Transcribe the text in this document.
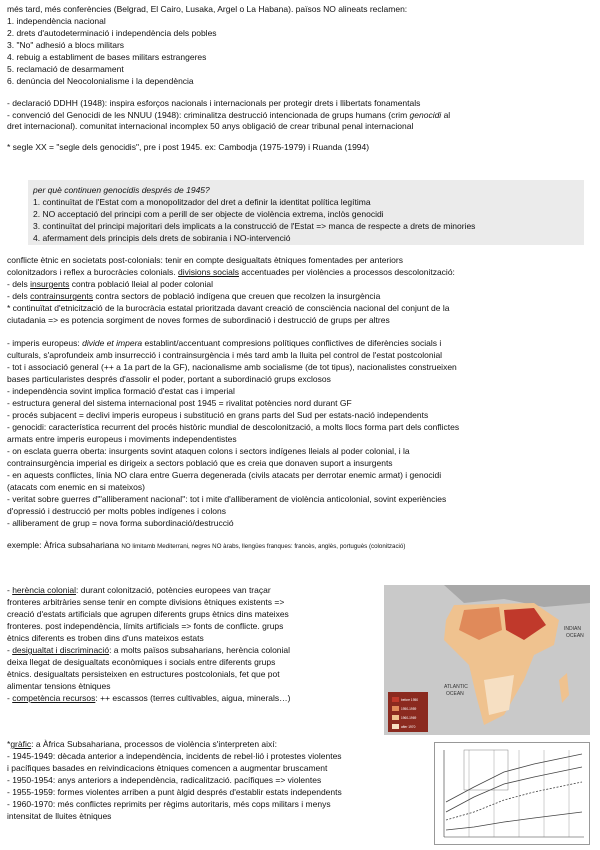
més tard, més conferències (Belgrad, El Cairo, Lusaka, Argel o La Habana). països NO alineats reclamen:
1. independència nacional
2. drets d'autodeterminació i independència dels pobles
3. "No" adhesió a blocs militars
4. rebuig a establiment de bases militars estrangeres
5. reclamació de desarmament
6. denúncia del Neocolonialisme i la dependència
- declaració DDHH (1948): inspira esforços nacionals i internacionals per protegir drets i llibertats fonamentals
- convenció del Genocidi de les NNUU (1948): criminalitza destrucció intencionada de grups humans (crim genocidi al
dret internacional). comunitat internacional incomplex 50 anys obligació de crear tribunal penal internacional
* segle XX = "segle dels genocidis", pre i post 1945. ex: Cambodja (1975-1979) i Ruanda (1994)
per què continuen genocidis després de 1945?
1. continuïtat de l'Estat com a monopolitzador del dret a definir la identitat política legítima
2. NO acceptació del principi com a perill de ser objecte de violència extrema, inclòs genocidi
3. continuïtat del principi majoritari dels implicats a la construcció de l'Estat => manca de respecte a drets de minories
4. afermament dels principis dels drets de sobirania i NO-intervenció
conflicte ètnic en societats post-colonials: tenir en compte desigualtats ètniques fomentades per anteriors
colonitzadors i reflex a burocràcies colonials. divisions socials accentuades per violències a processos descolonització:
- dels insurgents contra població lleial al poder colonial
- dels contrainsurgents contra sectors de població indígena que creuen que recolzen la insurgència
* continuïtat d'etnicització de la burocràcia estatal prioritzada davant creació de consciència nacional del conjunt de la
ciutadania => es potencia sorgiment de noves formes de subordinació i destrucció de grups per altres
- imperis europeus: divide et impera establint/accentuant compresions polítiques conflictives de diferències socials i
culturals, s'aprofundeix amb insurrecció i contrainsurgència i més tard amb la lluita pel control de l'estat postcolonial
- tot i associació general (++ a 1a part de la GF), nacionalisme amb socialisme (de tot tipus), nacionalistes construeixen
bases particularistes després d'assolir el poder, portant a subordinació grups exclosos
- independència sovint implica formació d'estat cas i imperial
- estructura general del sistema internacional post 1945 = rivalitat potències nord durant GF
- procés subjacent = declivi imperis europeus i substitució en grans parts del Sud per estats-nació independents
- genocidi: característica recurrent del procés històric mundial de descolonització, a molts llocs forma part dels conflictes
armats entre imperis europeus i moviments independentistes
- on esclata guerra oberta: insurgents sovint ataquen colons i sectors indígenes lleials al poder colonial, i la
contrainsurgència imperial es dirigeix a sectors població que es creia que donaven suport a insurgents
- en aquests conflictes, línia NO clara entre Guerra degenerada (civils atacats per derrotar enemic armat) i genocidi
(atacats com enemic en si mateixos)
- veritat sobre guerres d'"alliberament nacional": tot i mite d'alliberament de violència anticolonial, sovint experiències
d'opressió i destrucció per molts pobles indígenes i colons
- alliberament de grup = nova forma subordinació/destrucció
exemple: Àfrica subsahariana NO limitamb Mediterrani, negres NO àrabs, llengües franques: francès, anglès, portuguès (colonització)
- herència colonial: durant colonització, potències europees van traçar
fronteres arbitràries sense tenir en compte divisions ètniques existents =>
creació d'estats artificials que agrupen diferents grups ètnics dins mateixes
fronteres. post independència, límits artificials => fonts de conflicte. grups
ètnics diferents es troben dins d'uns mateixos estats
- desigualtat i discriminació: a molts països subsaharians, herència colonial
deixa llegat de desigualtats econòmiques i socials entre diferents grups
ètnics. desigualtats persisteixen en estructures postcolonials, fet que pot
alimentar tensions ètniques
- competència recursos: ++ escassos (terres cultivables, aigua, minerals…)
ATLANTIC
OCEAN
INDIAN
OCEAN
before 1950
1950-1959
1960-1969
after 1970
*gràfic: a Àfrica Subsahariana, processos de violència s'interpreten així:
- 1945-1949: dècada anterior a independència, incidents de rebel·lió i protestes violentes
i pacífiques basades en reivindicacions ètniques comencen a augmentar bruscament
- 1950-1954: anys anteriors a independència, radicalització. pacífiques => violentes
- 1955-1959: formes violentes arriben a punt àlgid després d'establir estats independents
- 1960-1970: més conflictes reprimits per règims autoritaris, més cops militars i menys
intensitat de lluites ètniques
